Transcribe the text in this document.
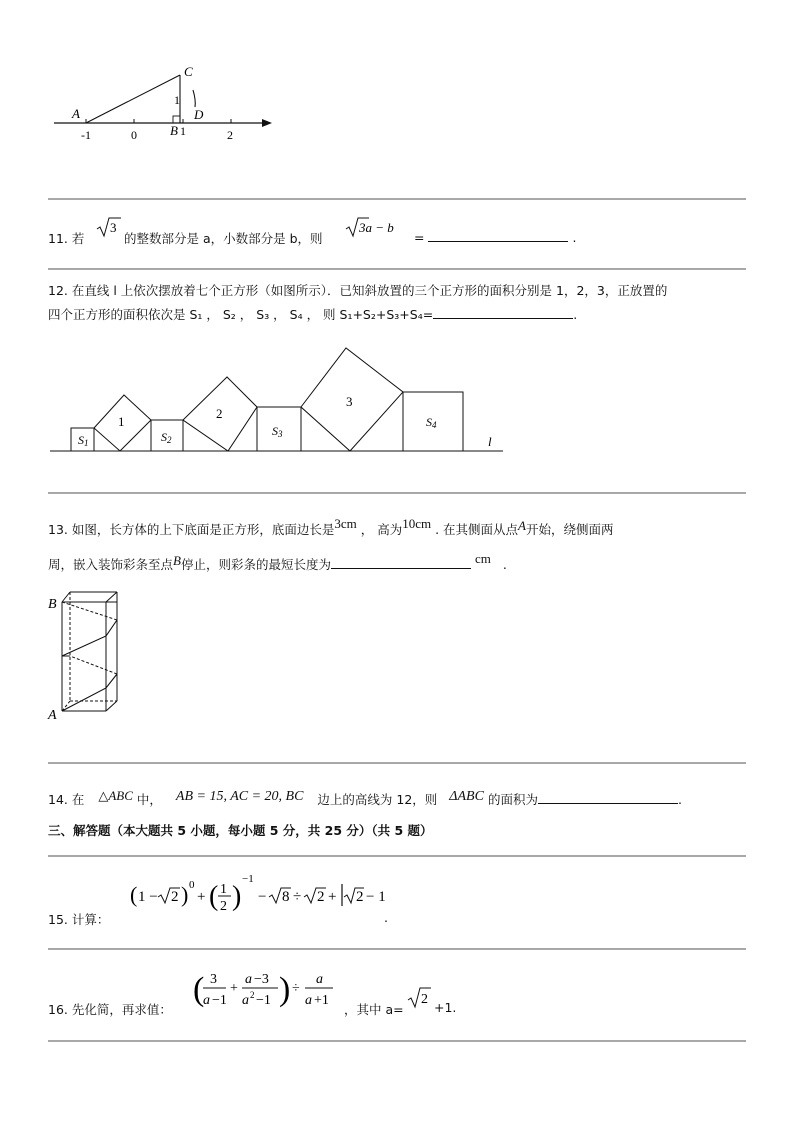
A
C
1
B
D
-1	0	1	2
11. 若
3
的整数部分是 a，小数部分是 b，则
3a − b
=	.
12. 在直线 l 上依次摆放着七个正方形（如图所示）．已知斜放置的三个正方形的面积分别是 1，2，3，正放置的
四个正方形的面积依次是 S₁ ， S₂ ， S₃ ， S₄ ， 则 S₁+S₂+S₃+S₄=	.
S1
1
S2
2
S3
3
S4
l
13. 如图，长方体的上下底面是正方形，底面边长是3cm ， 高为10cm . 在其侧面从点A开始，绕侧面两
周，嵌入装饰彩条至点B停止，则彩条的最短长度为	cm .
B
A
14. 在 △ABC 中， AB = 15, AC = 20, BC 边上的高线为 12，则 ΔABC 的面积为	.
三、解答题（本大题共 5 小题，每小题 5 分，共 25 分）（共 5 题）
15. 计算：
( 1 − 2 ) 0
+ ( 1
2 )
−1
− 8 ÷ 2 + 2 − 1
.
16. 先化简，再求值：
( 3
a −1
+
a −3
a 2 −1 ) ÷
a
a +1
，其中 a=
2
+1.
